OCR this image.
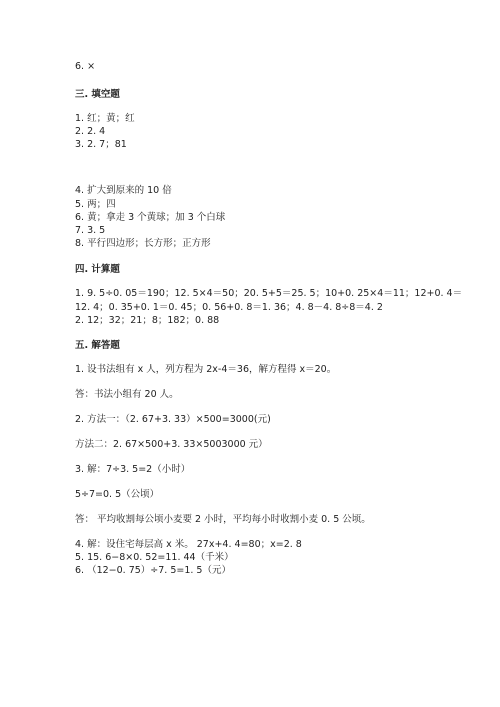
6. ×
三. 填空题
1. 红；黄；红
2. 2. 4
3. 2. 7；81
4. 扩大到原来的 10 倍
5. 两；四
6. 黄；拿走 3 个黄球；加 3 个白球
7. 3. 5
8. 平行四边形；长方形；正方形
四. 计算题
1. 9. 5÷0. 05＝190；12. 5×4＝50；20. 5+5＝25. 5；10+0. 25×4＝11；12+0. 4＝
12. 4；0. 35+0. 1＝0. 45；0. 56+0. 8＝1. 36；4. 8－4. 8÷8＝4. 2
2. 12；32；21；8；182；0. 88
五. 解答题
1. 设书法组有 x 人，列方程为 2x-4＝36，解方程得 x＝20。
答：书法小组有 20 人。
2. 方法一：（2. 67+3. 33）×500=3000(元)
方法二：2. 67×500+3. 33×5003000 元）
3. 解：7÷3. 5=2（小时）
5÷7=0. 5（公顷）
答： 平均收割每公顷小麦要 2 小时，平均每小时收割小麦 0. 5 公顷。
4. 解：设住宅每层高 x 米。 27x+4. 4=80；x=2. 8
5. 15. 6−8×0. 52=11. 44（千米）
6. （12−0. 75）÷7. 5=1. 5（元）
